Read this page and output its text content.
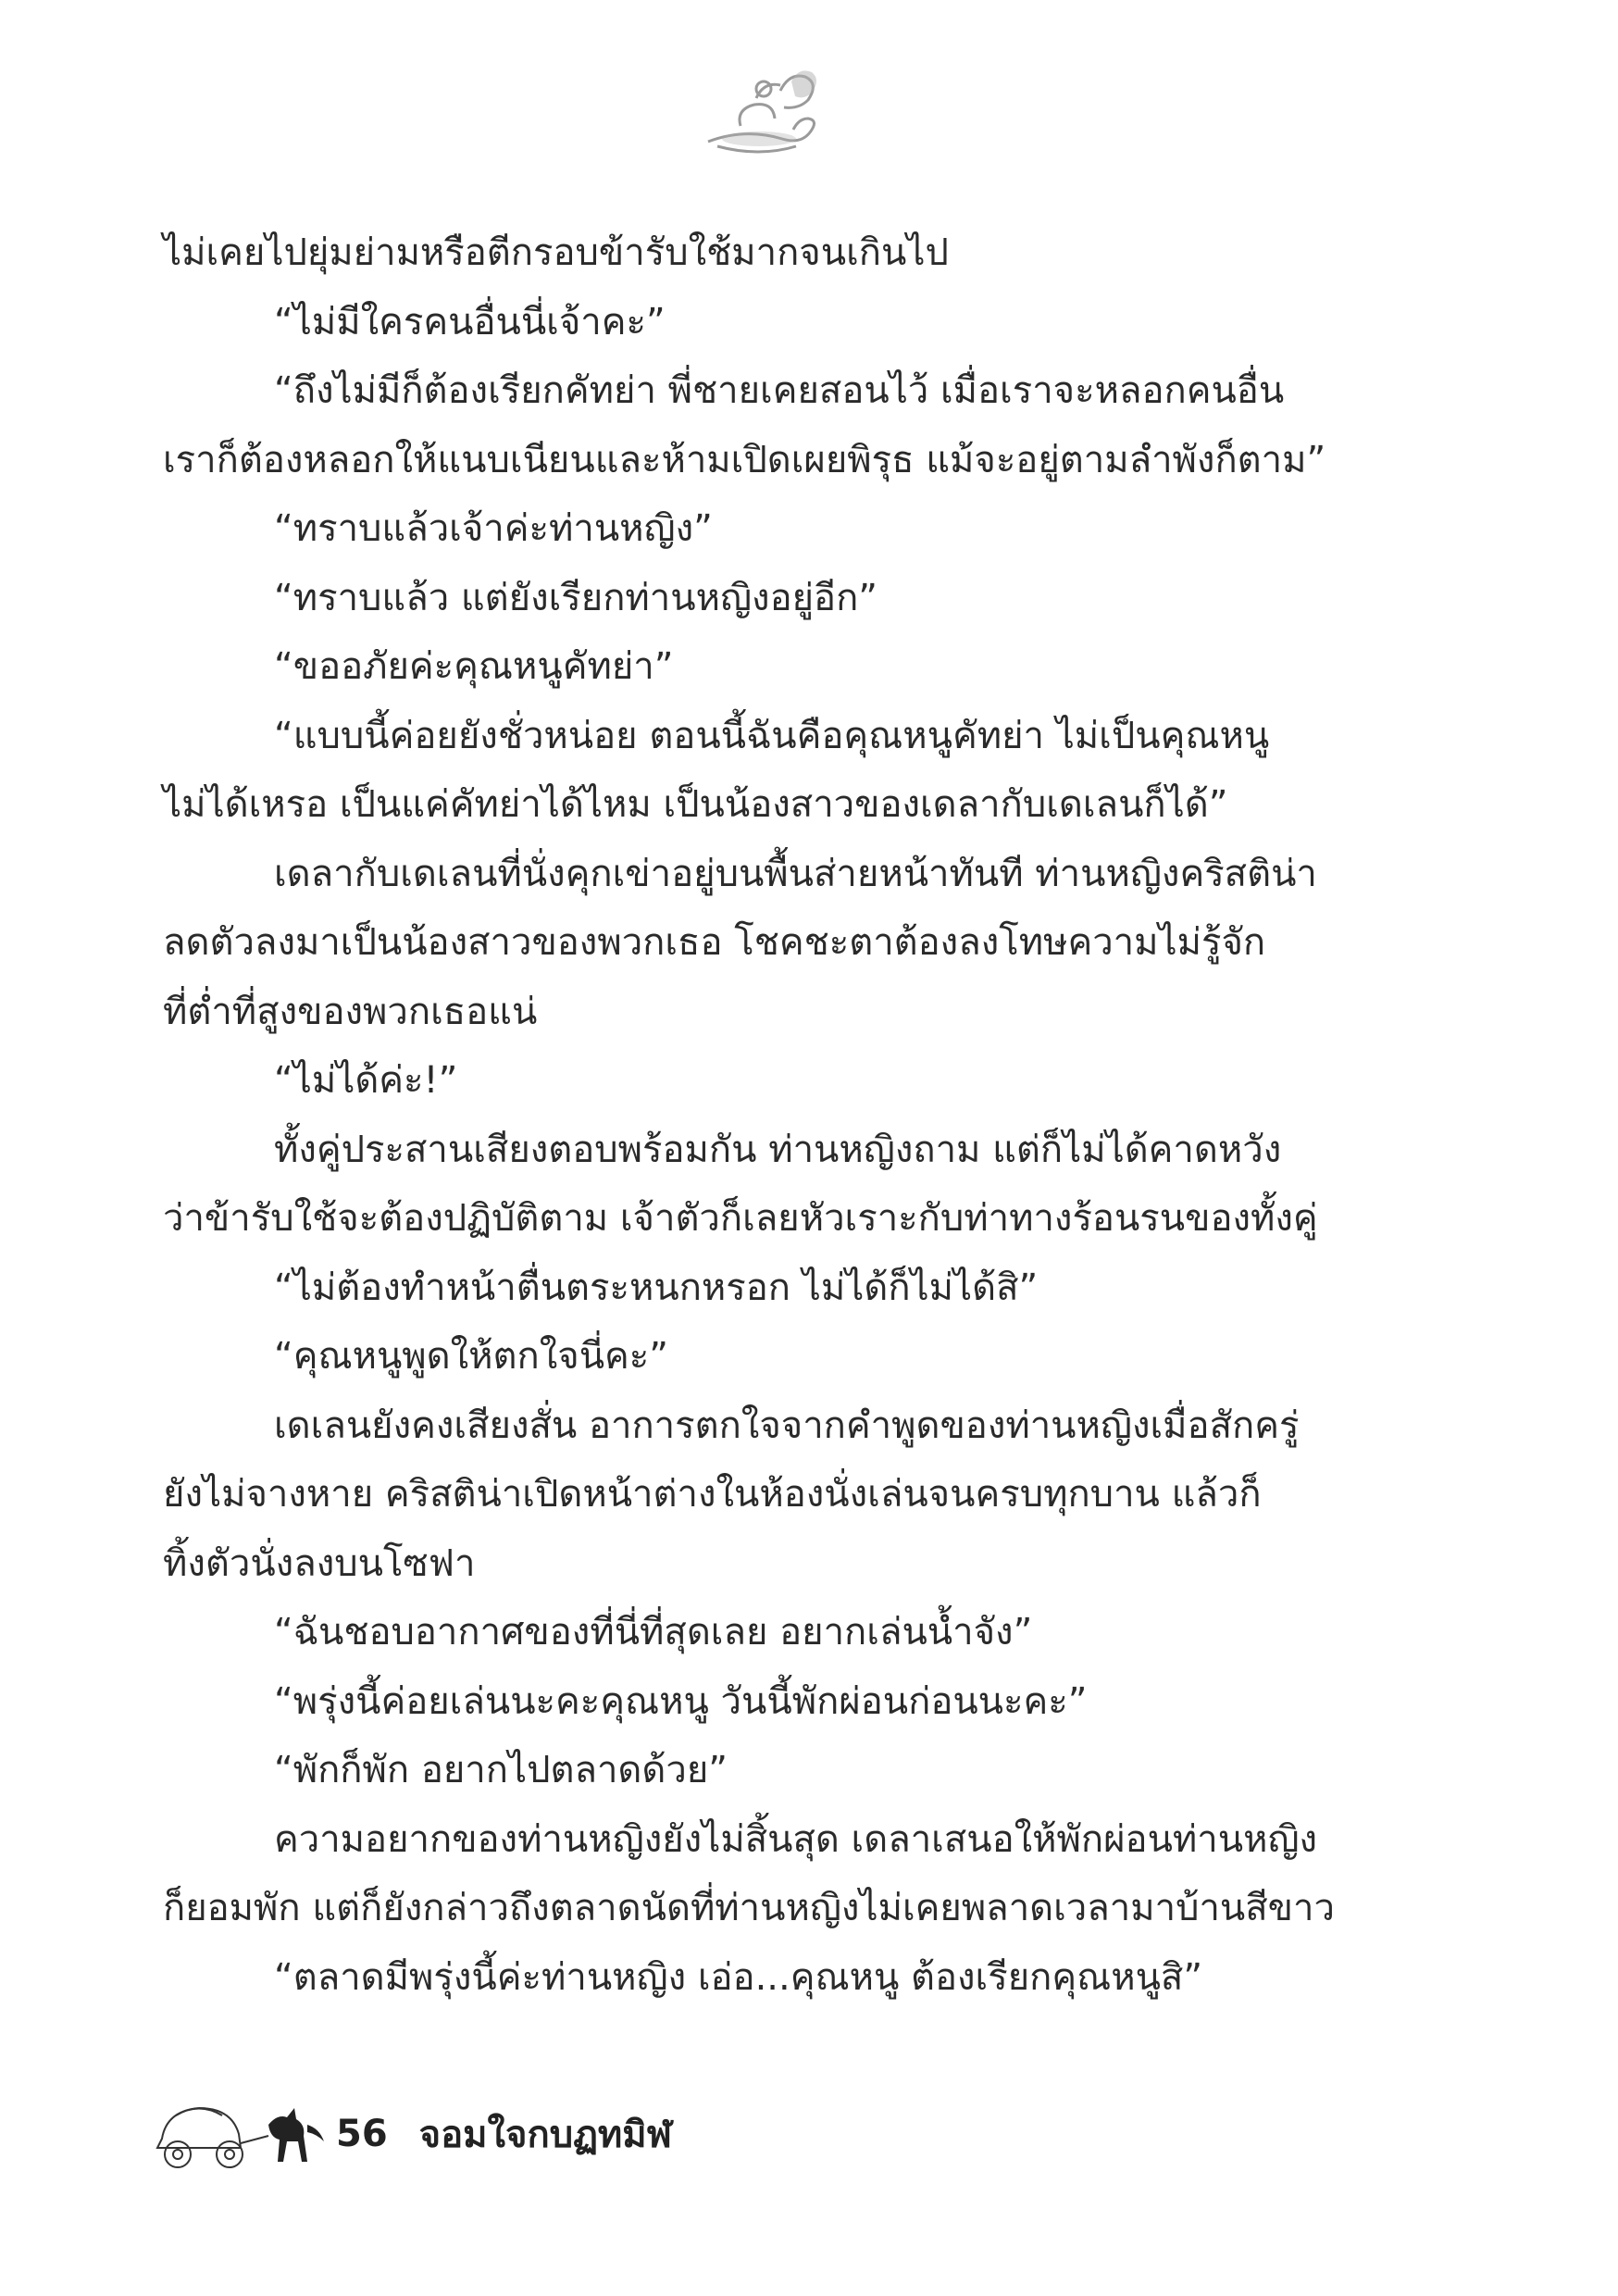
ไม่เคยไปยุ่มย่ามหรือตีกรอบข้ารับใช้มากจนเกินไป
“ไม่มีใครคนอื่นนี่เจ้าคะ”
“ถึงไม่มีก็ต้องเรียกคัทย่า พี่ชายเคยสอนไว้ เมื่อเราจะหลอกคนอื่น
เราก็ต้องหลอกให้แนบเนียนและห้ามเปิดเผยพิรุธ แม้จะอยู่ตามลำพังก็ตาม”
“ทราบแล้วเจ้าค่ะท่านหญิง”
“ทราบแล้ว แต่ยังเรียกท่านหญิงอยู่อีก”
“ขออภัยค่ะคุณหนูคัทย่า”
“แบบนี้ค่อยยังชั่วหน่อย ตอนนี้ฉันคือคุณหนูคัทย่า ไม่เป็นคุณหนู
ไม่ได้เหรอ เป็นแค่คัทย่าได้ไหม เป็นน้องสาวของเดลากับเดเลนก็ได้”
เดลากับเดเลนที่นั่งคุกเข่าอยู่บนพื้นส่ายหน้าทันที ท่านหญิงคริสติน่า
ลดตัวลงมาเป็นน้องสาวของพวกเธอ โชคชะตาต้องลงโทษความไม่รู้จัก
ที่ต่ำที่สูงของพวกเธอแน่
“ไม่ได้ค่ะ!”
ทั้งคู่ประสานเสียงตอบพร้อมกัน ท่านหญิงถาม แต่ก็ไม่ได้คาดหวัง
ว่าข้ารับใช้จะต้องปฏิบัติตาม เจ้าตัวก็เลยหัวเราะกับท่าทางร้อนรนของทั้งคู่
“ไม่ต้องทำหน้าตื่นตระหนกหรอก ไม่ได้ก็ไม่ได้สิ”
“คุณหนูพูดให้ตกใจนี่คะ”
เดเลนยังคงเสียงสั่น อาการตกใจจากคำพูดของท่านหญิงเมื่อสักครู่
ยังไม่จางหาย คริสติน่าเปิดหน้าต่างในห้องนั่งเล่นจนครบทุกบาน แล้วก็
ทิ้งตัวนั่งลงบนโซฟา
“ฉันชอบอากาศของที่นี่ที่สุดเลย อยากเล่นน้ำจัง”
“พรุ่งนี้ค่อยเล่นนะคะคุณหนู วันนี้พักผ่อนก่อนนะคะ”
“พักก็พัก อยากไปตลาดด้วย”
ความอยากของท่านหญิงยังไม่สิ้นสุด เดลาเสนอให้พักผ่อนท่านหญิง
ก็ยอมพัก แต่ก็ยังกล่าวถึงตลาดนัดที่ท่านหญิงไม่เคยพลาดเวลามาบ้านสีขาว
“ตลาดมีพรุ่งนี้ค่ะท่านหญิง เอ่อ...คุณหนู ต้องเรียกคุณหนูสิ”
56 จอมใจกบฏทมิฬ
